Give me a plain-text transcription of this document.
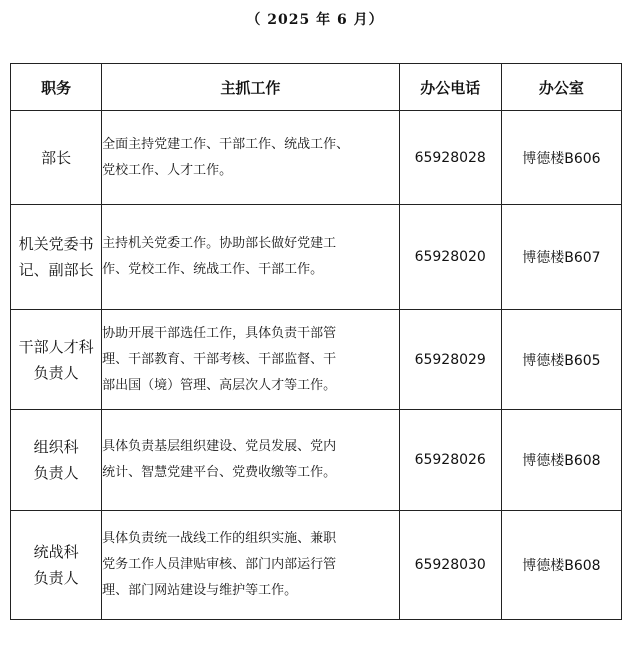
（ 2025 年 6 月）
职务	主抓工作	办公电话	办公室

部长	全面主持党建工作、干部工作、统战工作、
党校工作、人才工作。	65928028	博德楼B606

机关党委书
记、副部长	主持机关党委工作。协助部长做好党建工
作、党校工作、统战工作、干部工作。	65928020	博德楼B607

干部人才科
负责人	协助开展干部选任工作，具体负责干部管
理、干部教育、干部考核、干部监督、干
部出国（境）管理、高层次人才等工作。	65928029	博德楼B605

组织科
负责人	具体负责基层组织建设、党员发展、党内
统计、智慧党建平台、党费收缴等工作。	65928026	博德楼B608

统战科
负责人	具体负责统一战线工作的组织实施、兼职
党务工作人员津贴审核、部门内部运行管
理、部门网站建设与维护等工作。	65928030	博德楼B608
